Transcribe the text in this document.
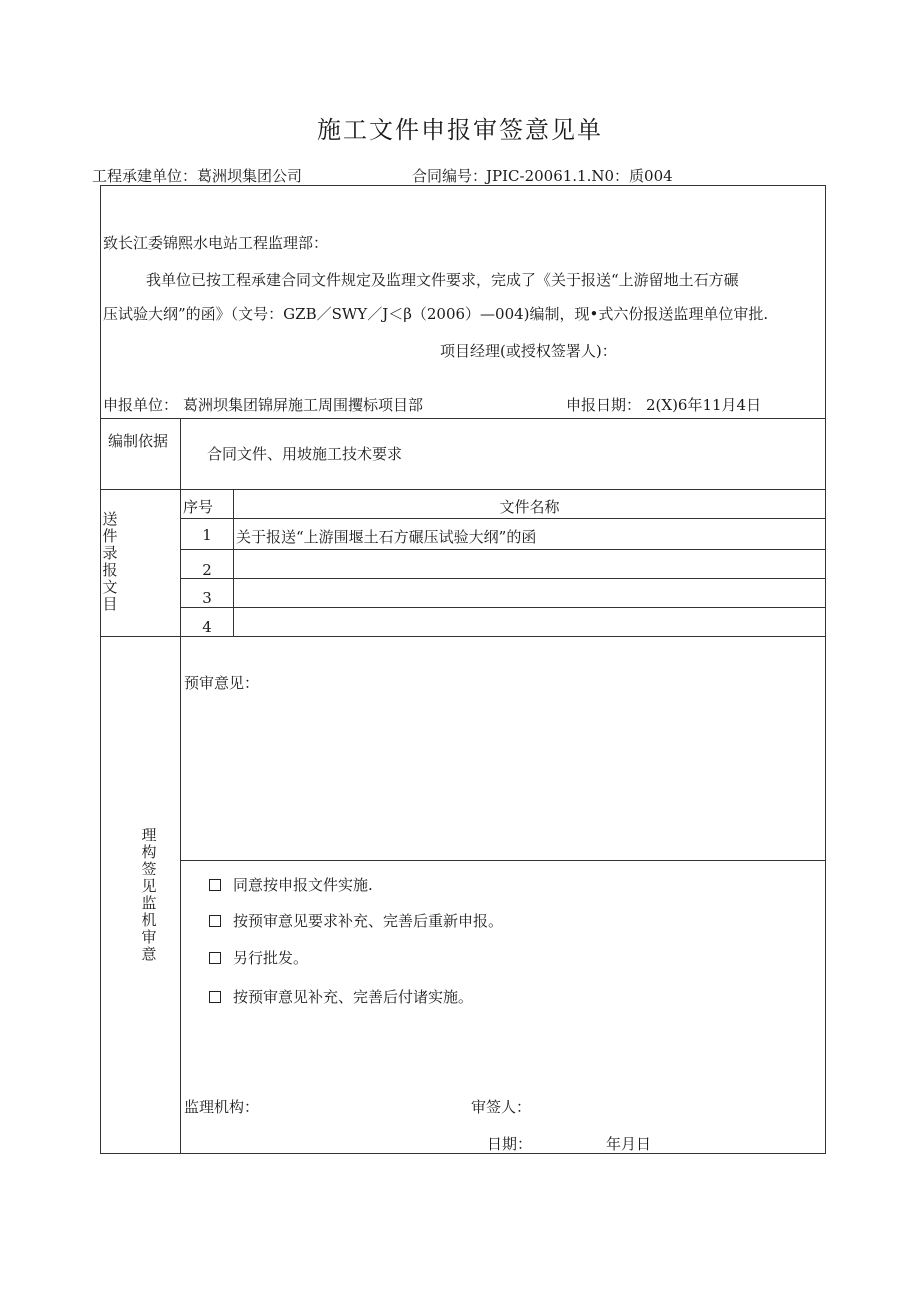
施工文件申报审签意见单
工程承建单位： 葛洲坝集团公司	合同编号：
JPIC-20061.1.N0：质004
致长江委锦熙水电站工程监理部：
我单位已按工程承建合同文件规定及监理文件要求，完成了《关于报送“上游留地土石方碾
压试验大纲”的函》（文号：GZB／SWY／J＜β（2006）—004)编制，现•式六份报送监理单位审批.
项目经理(或授权签署人)：
申报单位： 葛洲坝集团锦屏施工周围攫标项目部	申报日期： 2(X)6年11月4日
编制依据
合同文件、用坡施工技术要求
送件录报文目
序号	文件名称
1	关于报送“上游围堰土石方碾压试验大纲”的函
2
3
4
理构签见监机审意
预审意见：
同意按申报文件实施.
按预审意见要求补充、完善后重新申报。
另行批发。
按预审意见补充、完善后付诸实施。
监理机构：	审签人：
日期：	年月日
